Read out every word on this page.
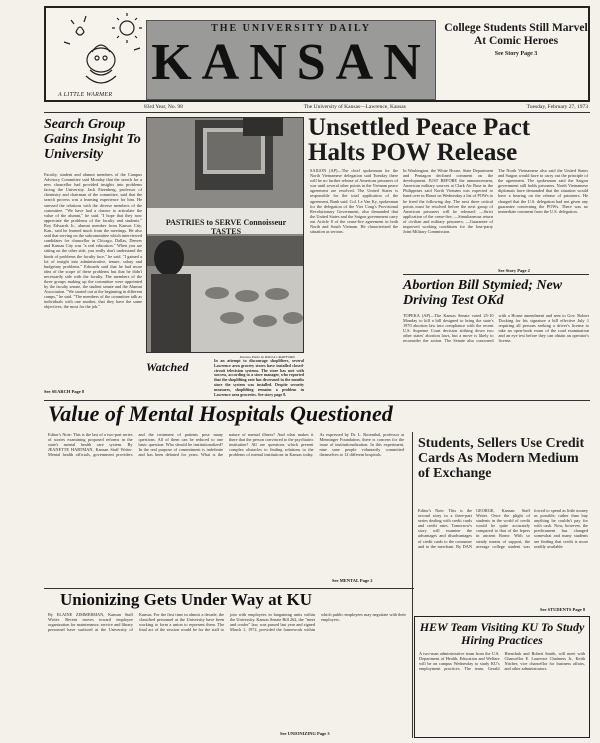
A LITTLE WARMER
THE UNIVERSITY DAILY
KANSAN
College Students Still Marvel At Comic Heroes
See Story Page 3
83rd Year, No. 98	The University of Kansas—Lawrence, Kansas	Tuesday, February 27, 1973
Search Group Gains Insight To University
Faculty, student and alumni members of the Campus Advisory Committee said Monday that the search for a new chancellor had provided insights into problems facing the University. Jack Eizenberg, professor of chemistry and chairman of the committee, said that the search process was a learning experience for him. He stressed the relations with the diverse members of the committee. "We have had a chance to articulate the value of the alumni," he said. "I hope that they now appreciate the problems of the faculty and students." Roy Edwards Jr., alumni member from Kansas City, Kan., said he learned much from the meetings. He also said that serving on the subcommittee which interviewed candidates for chancellor in Chicago, Dallas, Denver and Kansas City was "a real education." When you are sitting on the other side, you really don't understand the kinds of problems the faculty face," he said. "I gained a lot of insight into administrative, tenure, salary and budgetary problems." Edwards said that he had more idea of the scope of these problems but that he didn't necessarily side with the faculty. The members of the three groups making up the committee were appointed by the faculty senate, the student senate and the Alumni Association. "We started out at the beginning in different camps," he said. "The members of the committee talk as individuals with one another, that they have the same objectives, the most for the job."
See SEARCH Page 8
PASTRIES to SERVE Connoisseur TASTES
Kansan Photo by PAULA CRAWFORD
Watched	In an attempt to discourage shoplifters, several Lawrence area grocery stores have installed closed-circuit television systems. The store has met with success, according to a store manager, who reported that the shoplifting rate has decreased in the months since the system was installed. Despite security measures, shoplifting remains a problem in Lawrence area groceries. See story page 8.
Unsettled Peace Pact Halts POW Release
SAIGON (AP)—The chief spokesman for the North Vietnamese delegation said Tuesday there will be no further release of American prisoners of war until several other points in the Vietnam peace agreement are resolved. The United States is responsible for the total application of the agreement, Ranh said. Col. Le Van Ky, spokesman for the delegation of the Viet Cong's Provisional Revolutionary Government, also demanded that the United States and the Saigon government carry out Article 8 of the cease-fire agreement in both North and South Vietnam. He characterized the situation as serious.
In Washington, the White House, State Department and Pentagon declined comment on the development. JUST BEFORE the announcement, American military sources at Clark Air Base in the Philippines said North Vietnam was expected to hand over in Hanoi on Wednesday a list of POWs to be freed the following day. The next three critical points must be resolved before the next group of American prisoners will be released: —Strict application of the cease-fire; —Simultaneous return of civilian and military prisoners; —Guarantee of improved working conditions for the four-party Joint Military Commission.
The North Vietnamese also said the United States and Saigon would have to carry out the principle of the agreement. The spokesman said the Saigon government still holds prisoners. North Vietnamese diplomats have demanded that the situation would have a bearing on the release of prisoners. He charged that the U.S. delegation had not given any guarantee concerning the POWs. There was no immediate comment from the U.S. delegation.
See Story Page 2
Abortion Bill Stymied; New Driving Test OKd
TOPEKA (AP)—The Kansas Senate voted 25-10 Monday to kill a bill designed to bring the state's 1970 abortion law into compliance with the recent U.S. Supreme Court decision striking down two other states' abortion laws, but a move is likely to reconsider the action. The Senate also concurred with a House amendment and sent to Gov. Robert Docking for his signature a bill effective July 1 requiring all persons seeking a driver's license to take an open-book exam of the road examination and an eye test before they can obtain an operator's license.
Value of Mental Hospitals Questioned
Editor's Note: This is the last of a two-part series of stories examining proposed reforms in the state's mental health care system. By JEANETTE HARTMAN, Kansan Staff Writer. Mental health officials, government providers and the treatment of patients pose many questions. All of them can be reduced to one basic question: Who should be institutionalized? In the real purpose of commitment is indefinite and has been debated for years. What is the nature of mental illness? And what makes it there that the person convinced to the psychiatric institution? All are questions which present complex obstacles to finding solutions to the problems of mental institutions in Kansas today. As expressed by Dr. L. Rosenthal, professor at Menninger Foundation, there is concern for the issue of institutionalization. In this experiment, nine sane people voluntarily committed themselves to 12 different hospitals.
See MENTAL Page 2
Students, Sellers Use Credit Cards As Modern Medium of Exchange
Editor's Note: This is the second story in a three-part series dealing with credit cards and credit rates. Tomorrow's story will examine the advantages and disadvantages of credit cards to the consumer and to the merchant. By DAN GEORGE, Kansan Staff Writer. Once the plight of students in the world of credit would be quite accurately compared to that of the lepers in ancient Rome. With so steady means of support, the average college student was forced to spend as little money as possible, rather than buy anything he couldn't pay for with cash. Now, however, the predicament has changed somewhat and many students are finding that credit is more readily available.
See STUDENTS Page 8
Unionizing Gets Under Way at KU
By ELAINE ZIMMERMAN, Kansan Staff Writer. Recent moves toward employee organization for maintenance, service and library personnel have surfaced at the University of Kansas. For the first time in almost a decade, the classified personnel at the University have been working to form a union to represent them. The final act of the session would be for the staff to join with employees in bargaining units within the University. Kansas Senate Bill 262, the "meet and confer" law, was passed last year and signed March 1, 1972, provided the framework within which public employees may negotiate with their employers.
See UNIONIZING Page 3
HEW Team Visiting KU To Study Hiring Practices
A two-man administrative team from the U.S. Department of Health, Education and Welfare will be on campus Wednesday to study KU's employment practices. The team, Gerald Hrenchuk and Robert Smith, will meet with Chancellor E. Laurence Chalmers Jr., Keith Nitcher, vice chancellor for business affairs, and other administrators.
